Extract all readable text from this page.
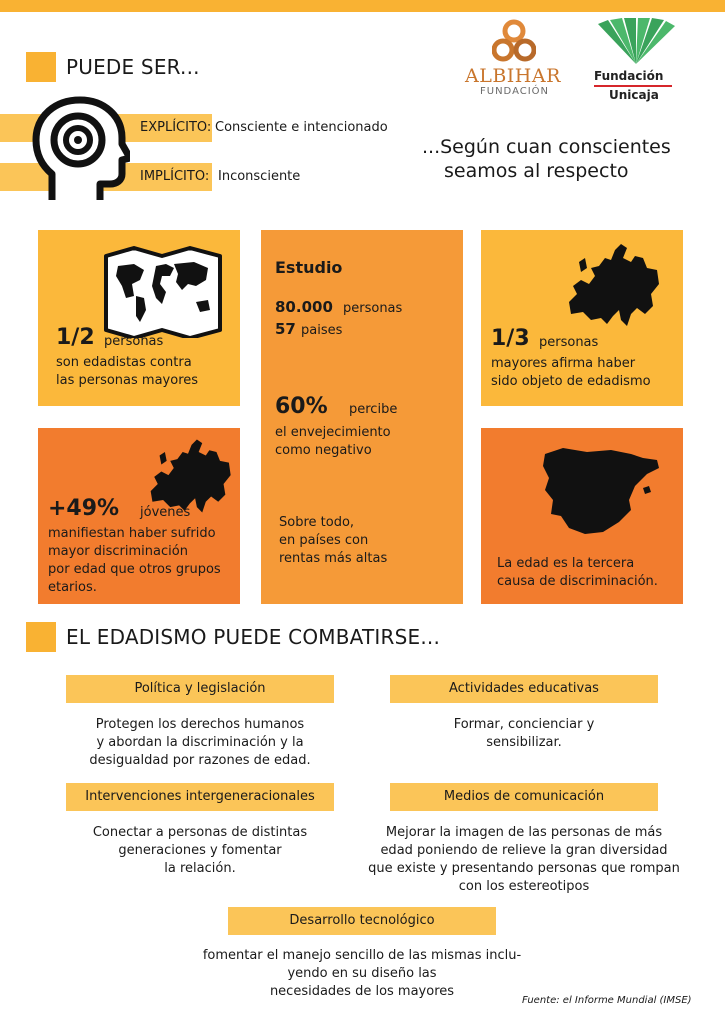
PUEDE SER...
EXPLÍCITO: Consciente e intencionado
IMPLÍCITO: Inconsciente
ALBIHAR
FUNDACIÓN
Fundación
Unicaja
...Según cuan conscientes
seamos al respecto
1/2 personas
son edadistas contra
las personas mayores
Estudio
80.000 personas
57 paises
60% percibe
el envejecimiento
como negativo
Sobre todo,
en países con
rentas más altas
1/3 personas
mayores afirma haber
sido objeto de edadismo
+49% jóvenes
manifiestan haber sufrido
mayor discriminación
por edad que otros grupos
etarios.
La edad es la tercera
causa de discriminación.
EL EDADISMO PUEDE COMBATIRSE...
Política y legislación
Protegen los derechos humanos
y abordan la discriminación y la
desigualdad por razones de edad.
Actividades educativas
Formar, concienciar y
sensibilizar.
Intervenciones intergeneracionales
Conectar a personas de distintas
generaciones y fomentar
la relación.
Medios de comunicación
Mejorar la imagen de las personas de más
edad poniendo de relieve la gran diversidad
que existe y presentando personas que rompan
con los estereotipos
Desarrollo tecnológico
fomentar el manejo sencillo de las mismas inclu-
yendo en su diseño las
necesidades de los mayores
Fuente: el Informe Mundial (IMSE)
